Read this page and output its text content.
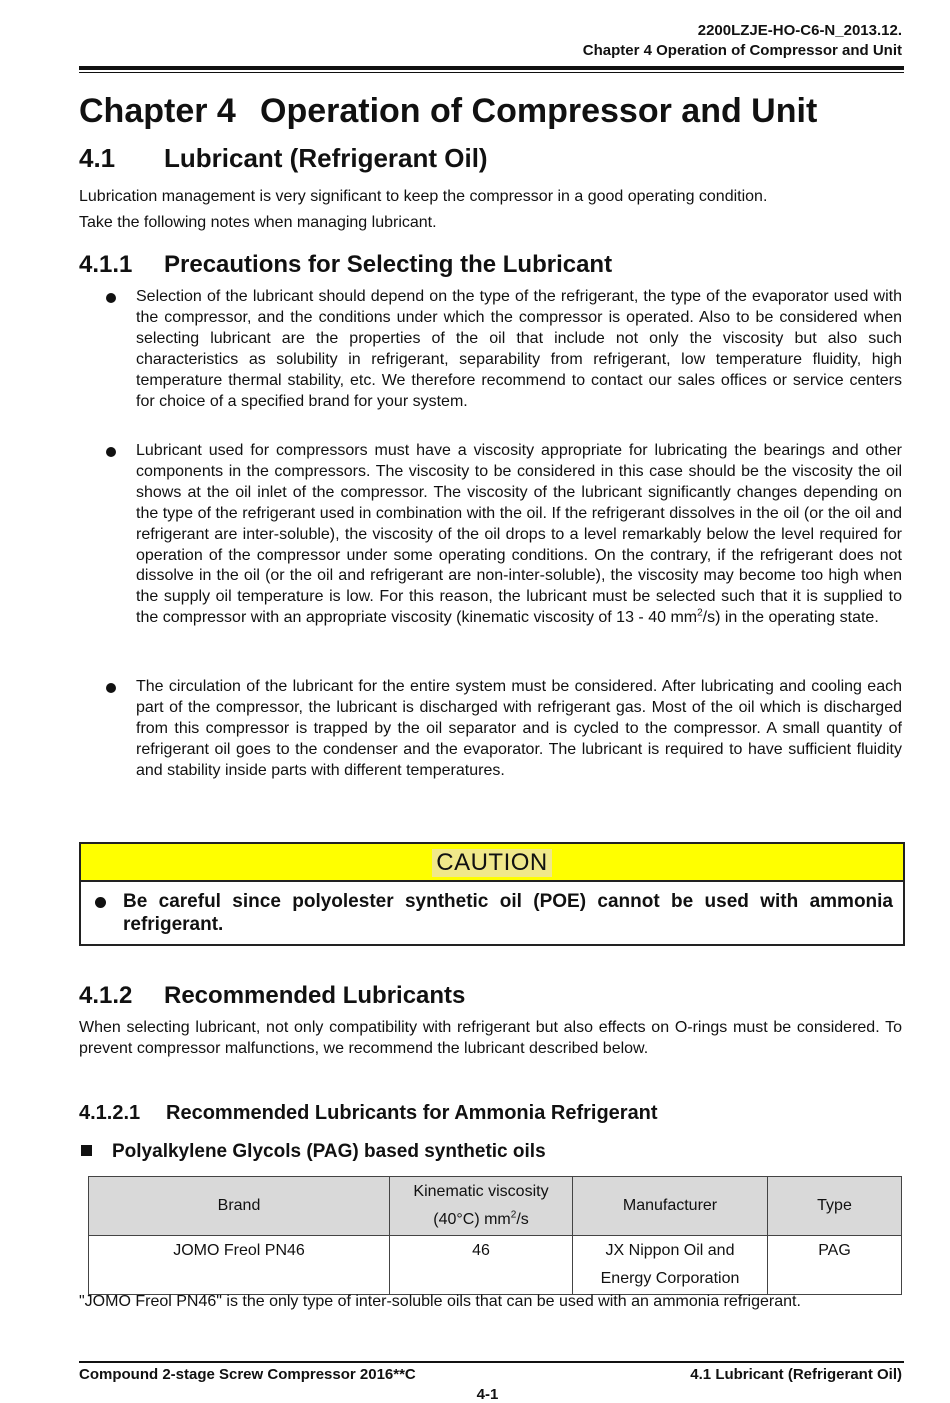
2200LZJE-HO-C6-N_2013.12.
Chapter 4 Operation of Compressor and Unit
Chapter 4 Operation of Compressor and Unit
4.1 Lubricant (Refrigerant Oil)
Lubrication management is very significant to keep the compressor in a good operating condition.
Take the following notes when managing lubricant.
4.1.1 Precautions for Selecting the Lubricant
Selection of the lubricant should depend on the type of the refrigerant, the type of the evaporator used with the compressor, and the conditions under which the compressor is operated. Also to be considered when selecting lubricant are the properties of the oil that include not only the viscosity but also such characteristics as solubility in refrigerant, separability from refrigerant, low temperature fluidity, high temperature thermal stability, etc. We therefore recommend to contact our sales offices or service centers for choice of a specified brand for your system.
Lubricant used for compressors must have a viscosity appropriate for lubricating the bearings and other components in the compressors. The viscosity to be considered in this case should be the viscosity the oil shows at the oil inlet of the compressor. The viscosity of the lubricant significantly changes depending on the type of the refrigerant used in combination with the oil. If the refrigerant dissolves in the oil (or the oil and refrigerant are inter-soluble), the viscosity of the oil drops to a level remarkably below the level required for operation of the compressor under some operating conditions. On the contrary, if the refrigerant does not dissolve in the oil (or the oil and refrigerant are non-inter-soluble), the viscosity may become too high when the supply oil temperature is low. For this reason, the lubricant must be selected such that it is supplied to the compressor with an appropriate viscosity (kinematic viscosity of 13 - 40 $mm^2/s$) in the operating state.
The circulation of the lubricant for the entire system must be considered. After lubricating and cooling each part of the compressor, the lubricant is discharged with refrigerant gas. Most of the oil which is discharged from this compressor is trapped by the oil separator and is cycled to the compressor. A small quantity of refrigerant oil goes to the condenser and the evaporator. The lubricant is required to have sufficient fluidity and stability inside parts with different temperatures.
CAUTION
Be careful since polyolester synthetic oil (POE) cannot be used with ammonia refrigerant.
4.1.2 Recommended Lubricants
When selecting lubricant, not only compatibility with refrigerant but also effects on O-rings must be considered. To prevent compressor malfunctions, we recommend the lubricant described below.
4.1.2.1 Recommended Lubricants for Ammonia Refrigerant
Polyalkylene Glycols (PAG) based synthetic oils
Brand	Kinematic viscosity
(40°C) $mm^2/s$	Manufacturer	Type
JOMO Freol PN46	46	JX Nippon Oil and
Energy Corporation	PAG
"JOMO Freol PN46" is the only type of inter-soluble oils that can be used with an ammonia refrigerant.
Compound 2-stage Screw Compressor 2016**C	4.1 Lubricant (Refrigerant Oil)
4-1
